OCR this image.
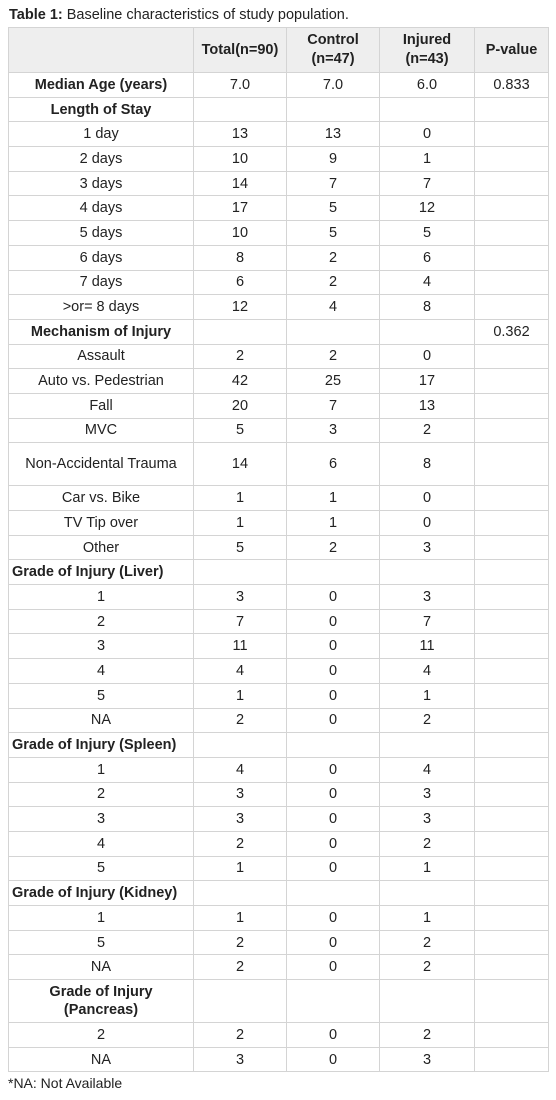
Table 1: Baseline characteristics of study population.
	Total(n=90)	Control (n=47)	Injured (n=43)	P-value
Median Age (years)	7.0	7.0	6.0	0.833
Length of Stay				
1 day	13	13	0	
2 days	10	9	1	
3 days	14	7	7	
4 days	17	5	12	
5 days	10	5	5	
6 days	8	2	6	
7 days	6	2	4	
>or= 8 days	12	4	8	
Mechanism of Injury				0.362
Assault	2	2	0	
Auto vs. Pedestrian	42	25	17	
Fall	20	7	13	
MVC	5	3	2	
Non-Accidental Trauma	14	6	8	
Car vs. Bike	1	1	0	
TV Tip over	1	1	0	
Other	5	2	3	
Grade of Injury (Liver)				
1	3	0	3	
2	7	0	7	
3	11	0	11	
4	4	0	4	
5	1	0	1	
NA	2	0	2	
Grade of Injury (Spleen)				
1	4	0	4	
2	3	0	3	
3	3	0	3	
4	2	0	2	
5	1	0	1	
Grade of Injury (Kidney)				
1	1	0	1	
5	2	0	2	
NA	2	0	2	
Grade of Injury (Pancreas)				
2	2	0	2	
NA	3	0	3	
*NA: Not Available
